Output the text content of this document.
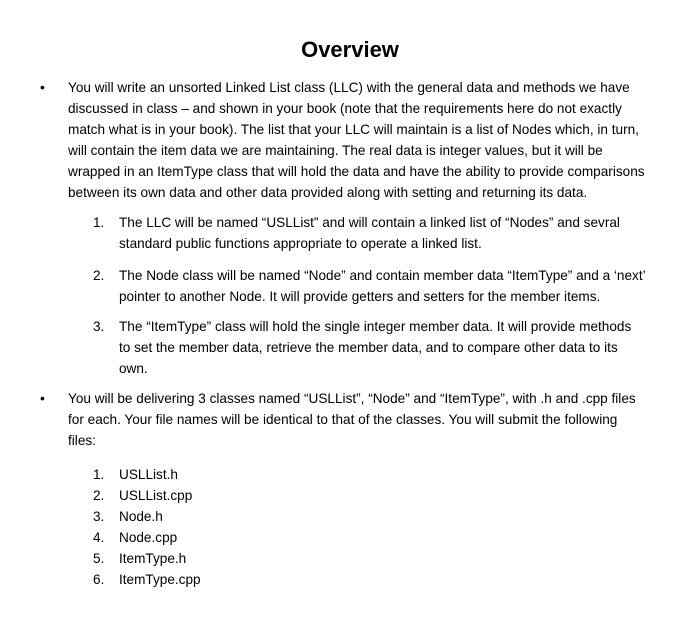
Overview
• You will write an unsorted Linked List class (LLC) with the general data and methods we have

discussed in class – and shown in your book (note that the requirements here do not exactly

match what is in your book). The list that your LLC will maintain is a list of Nodes which, in turn,

will contain the item data we are maintaining. The real data is integer values, but it will be

wrapped in an ItemType class that will hold the data and have the ability to provide comparisons

between its own data and other data provided along with setting and returning its data.

1. The LLC will be named “USLList” and will contain a linked list of “Nodes” and sevral

standard public functions appropriate to operate a linked list.

2. The Node class will be named “Node” and contain member data “ItemType” and a ‘next’

pointer to another Node. It will provide getters and setters for the member items.

3. The “ItemType” class will hold the single integer member data. It will provide methods

to set the member data, retrieve the member data, and to compare other data to its

own.

• You will be delivering 3 classes named “USLList”, “Node” and “ItemType”, with .h and .cpp files

for each. Your file names will be identical to that of the classes. You will submit the following

files:

1. USLList.h
2. USLList.cpp
3. Node.h
4. Node.cpp
5. ItemType.h
6. ItemType.cpp
